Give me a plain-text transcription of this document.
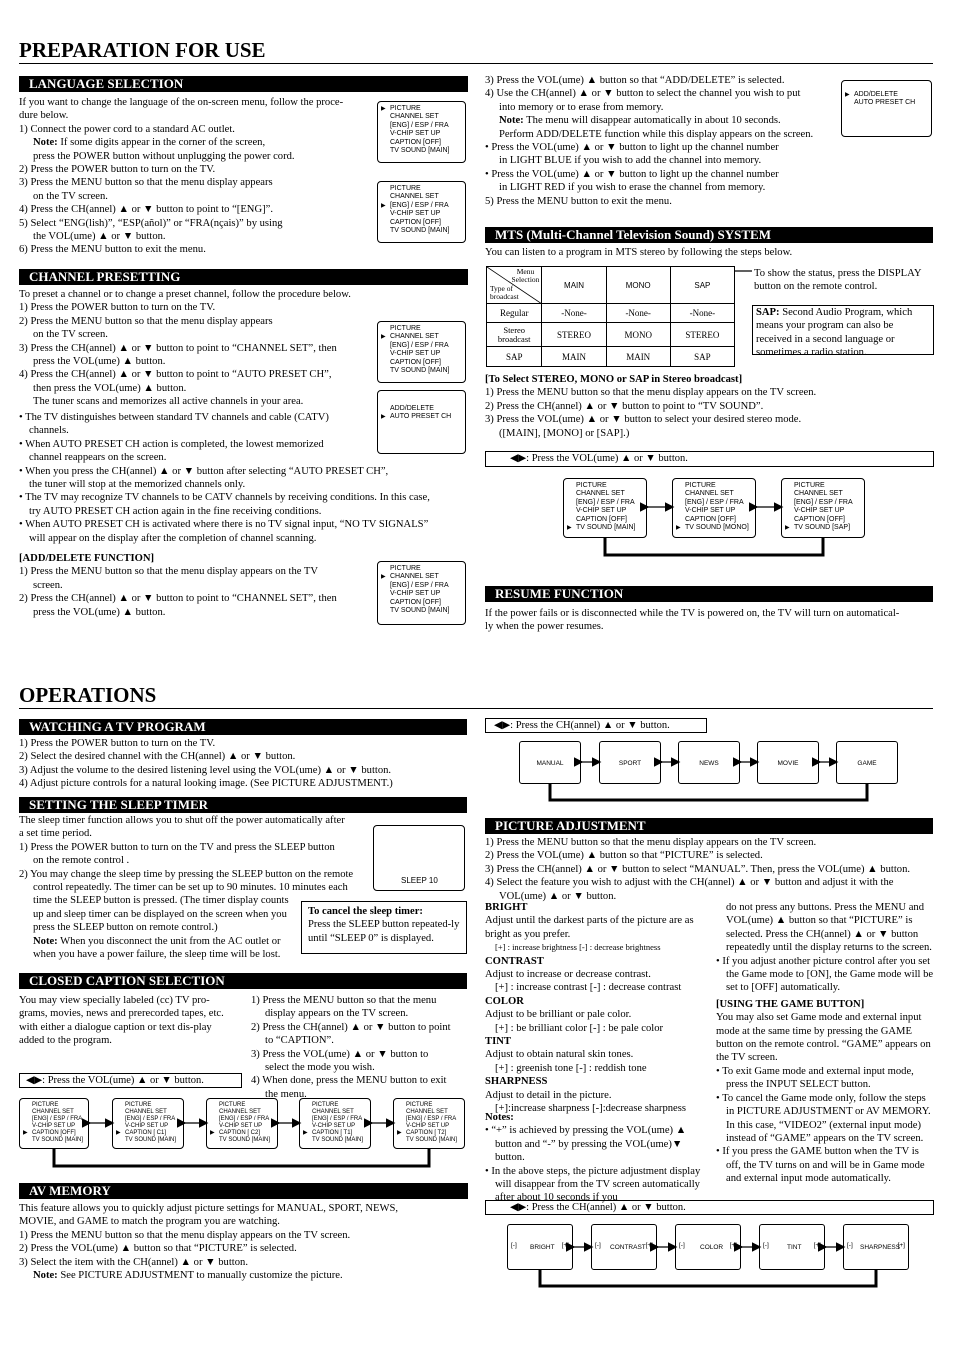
PREPARATION FOR USE
LANGUAGE SELECTION
If you want to change the language of the on-screen menu, follow the proce-
dure below.
1) Connect the power cord to a standard AC outlet.
Note: If some digits appear in the corner of the screen,
press the POWER button without unplugging the power cord.
2) Press the POWER button to turn on the TV.
3) Press the MENU button so that the menu display appears
on the TV screen.
4) Press the CH(annel) ▲ or ▼ button to point to “[ENG]”.
5) Select “ENG(lish)”, “ESP(añol)” or “FRA(nçais)” by using
the VOL(ume) ▲ or ▼ button.
6) Press the MENU button to exit the menu.
▶ PICTURE
CHANNEL SET
[ENG] / ESP / FRA
V-CHIP SET UP
CAPTION [OFF]
TV SOUND [MAIN]
PICTURE
CHANNEL SET
▶ [ENG] / ESP / FRA
V-CHIP SET UP
CAPTION [OFF]
TV SOUND [MAIN]
CHANNEL PRESETTING
To preset a channel or to change a preset channel, follow the procedure below.
1) Press the POWER button to turn on the TV.
2) Press the MENU button so that the menu display appears
on the TV screen.
3) Press the CH(annel) ▲ or ▼ button to point to “CHANNEL SET”, then
press the VOL(ume) ▲ button.
4) Press the CH(annel) ▲ or ▼ button to point to “AUTO PRESET CH”,
then press the VOL(ume) ▲ button.
The tuner scans and memorizes all active channels in your area.
• The TV distinguishes between standard TV channels and cable (CATV)
channels.
• When AUTO PRESET CH action is completed, the lowest memorized
channel reappears on the screen.
• When you press the CH(annel) ▲ or ▼ button after selecting “AUTO PRESET CH”,
the tuner will stop at the memorized channels only.
• The TV may recognize TV channels to be CATV channels by receiving conditions. In this case,
try AUTO PRESET CH action again in the fine receiving conditions.
• When AUTO PRESET CH is activated where there is no TV signal input, “NO TV SIGNALS”
will appear on the display after the completion of channel scanning.
[ADD/DELETE FUNCTION]
1) Press the MENU button so that the menu display appears on the TV
screen.
2) Press the CH(annel) ▲ or ▼ button to point to “CHANNEL SET”, then
press the VOL(ume) ▲ button.
PICTURE
▶ CHANNEL SET
[ENG] / ESP / FRA
V-CHIP SET UP
CAPTION [OFF]
TV SOUND [MAIN]
ADD/DELETE
▶ AUTO PRESET CH
PICTURE
▶ CHANNEL SET
[ENG] / ESP / FRA
V-CHIP SET UP
CAPTION [OFF]
TV SOUND [MAIN]
3) Press the VOL(ume) ▲ button so that “ADD/DELETE” is selected.
4) Use the CH(annel) ▲ or ▼ button to select the channel you wish to put
into memory or to erase from memory.
Note: The menu will disappear automatically in about 10 seconds.
Perform ADD/DELETE function while this display appears on the screen.
• Press the VOL(ume) ▲ or ▼ button to light up the channel number
in LIGHT BLUE if you wish to add the channel into memory.
• Press the VOL(ume) ▲ or ▼ button to light up the channel number
in LIGHT RED if you wish to erase the channel from memory.
5) Press the MENU button to exit the menu.
▶ ADD/DELETE
AUTO PRESET CH
MTS (Multi-Channel Television Sound) SYSTEM
You can listen to a program in MTS stereo by following the steps below.
Menu
Selection
Type of
broadcast	MAIN	MONO	SAP
Regular	-None-	-None-	-None-
Stereo broadcast	STEREO	MONO	STEREO
SAP	MAIN	MAIN	SAP
To show the status, press the DISPLAY button on the remote control.
SAP: Second Audio Program, which means your program can also be received in a second language or sometimes a radio station.
[To Select STEREO, MONO or SAP in Stereo broadcast]
1) Press the MENU button so that the menu display appears on the TV screen.
2) Press the CH(annel) ▲ or ▼ button to point to “TV SOUND”.
3) Press the VOL(ume) ▲ or ▼ button to select your desired stereo mode.
([MAIN], [MONO] or [SAP].)
◀▶: Press the VOL(ume) ▲ or ▼ button.
PICTURE
CHANNEL SET
[ENG] / ESP / FRA
V-CHIP SET UP
CAPTION [OFF]
▶ TV SOUND [MAIN]
PICTURE
CHANNEL SET
[ENG] / ESP / FRA
V-CHIP SET UP
CAPTION [OFF]
▶ TV SOUND [MONO]
PICTURE
CHANNEL SET
[ENG] / ESP / FRA
V-CHIP SET UP
CAPTION [OFF]
▶ TV SOUND [SAP]
RESUME FUNCTION
If the power fails or is disconnected while the TV is powered on, the TV will turn on automatical-
ly when the power resumes.
OPERATIONS
WATCHING A TV PROGRAM
1) Press the POWER button to turn on the TV.
2) Select the desired channel with the CH(annel) ▲ or ▼ button.
3) Adjust the volume to the desired listening level using the VOL(ume) ▲ or ▼ button.
4) Adjust picture controls for a natural looking image. (See PICTURE ADJUSTMENT.)
SETTING THE SLEEP TIMER
The sleep timer function allows you to shut off the power automatically after
a set time period.
1) Press the POWER button to turn on the TV and press the SLEEP button
on the remote control .
2) You may change the sleep time by pressing the SLEEP button on the remote
control repeatedly. The timer can be set up to 90 minutes. 10 minutes each
time the SLEEP button is pressed. (The timer display counts
up and sleep timer can be displayed on the screen when you
press the SLEEP button on remote control.)
Note: When you disconnect the unit from the AC outlet or
when you have a power failure, the sleep time will be lost.
SLEEP 10
To cancel the sleep timer:
Press the SLEEP button repeated-ly until “SLEEP 0” is displayed.
CLOSED CAPTION SELECTION
You may view specially labeled (cc) TV pro-grams, movies, news and prerecorded tapes, etc. with either a dialogue caption or text dis-play added to the program.
1) Press the MENU button so that the menu
display appears on the TV screen.
2) Press the CH(annel) ▲ or ▼ button to point
to “CAPTION”.
3) Press the VOL(ume) ▲ or ▼ button to
select the mode you wish.
4) When done, press the MENU button to exit
the menu.
◀▶: Press the VOL(ume) ▲ or ▼ button.
PICTURE
CHANNEL SET
[ENG] / ESP / FRA
V-CHIP SET UP
▶ CAPTION [OFF]
TV SOUND [MAIN]
PICTURE
CHANNEL SET
[ENG] / ESP / FRA
V-CHIP SET UP
▶ CAPTION [ C1]
TV SOUND [MAIN]
PICTURE
CHANNEL SET
[ENG] / ESP / FRA
V-CHIP SET UP
▶ CAPTION [ C2]
TV SOUND [MAIN]
PICTURE
CHANNEL SET
[ENG] / ESP / FRA
V-CHIP SET UP
▶ CAPTION [ T1]
TV SOUND [MAIN]
PICTURE
CHANNEL SET
[ENG] / ESP / FRA
V-CHIP SET UP
▶ CAPTION [ T2]
TV SOUND [MAIN]
AV MEMORY
This feature allows you to quickly adjust picture settings for MANUAL, SPORT, NEWS,
MOVIE, and GAME to match the program you are watching.
1) Press the MENU button so that the menu display appears on the TV screen.
2) Press the VOL(ume) ▲ button so that “PICTURE” is selected.
3) Select the item with the CH(annel) ▲ or ▼ button.
Note: See PICTURE ADJUSTMENT to manually customize the picture.
◀▶: Press the CH(annel) ▲ or ▼ button.
MANUAL	SPORT	NEWS	MOVIE	GAME
PICTURE ADJUSTMENT
1) Press the MENU button so that the menu display appears on the TV screen.
2) Press the VOL(ume) ▲ button so that “PICTURE” is selected.
3) Press the CH(annel) ▲ or ▼ button to select “MANUAL”. Then, press the VOL(ume) ▲ button.
4) Select the feature you wish to adjust with the CH(annel) ▲ or ▼ button and adjust it with the
VOL(ume) ▲ or ▼ button.
BRIGHT
Adjust until the darkest parts of the picture are as bright as you prefer.
[+] : increase brightness [-] : decrease brightness
CONTRAST
Adjust to increase or decrease contrast.
[+] : increase contrast [-] : decrease contrast
COLOR
Adjust to be brilliant or pale color.
[+] : be brilliant color [-] : be pale color
TINT
Adjust to obtain natural skin tones.
[+] : greenish tone [-] : reddish tone
SHARPNESS
Adjust to detail in the picture.
[+]:increase sharpness [-]:decrease sharpness
Notes:
• “+” is achieved by pressing the VOL(ume) ▲ button and “-” by pressing the VOL(ume)▼ button.
• In the above steps, the picture adjustment display will disappear from the TV screen automatically after about 10 seconds if you
do not press any buttons. Press the MENU and VOL(ume) ▲ button so that “PICTURE” is selected. Press the CH(annel) ▲ or ▼ button repeatedly until the display returns to the screen.
• If you adjust another picture control after you set the Game mode to [ON], the Game mode will be set to [OFF] automatically.
[USING THE GAME BUTTON]
You may also set Game mode and external input mode at the same time by pressing the GAME button on the remote control. “GAME” appears on the TV screen.
• To exit Game mode and external input mode, press the INPUT SELECT button.
• To cancel the Game mode only, follow the steps in PICTURE ADJUSTMENT or AV MEMORY. In this case, “VIDEO2” (external input mode) instead of “GAME” appears on the TV screen.
• If you press the GAME button when the TV is off, the TV turns on and will be in Game mode and external input mode automatically.
◀▶: Press the CH(annel) ▲ or ▼ button.
[-] BRIGHT [+]	[-] CONTRAST [+]	[-] COLOR [+]	[-]	TINT [+]	[-] SHARPNESS
[+]
